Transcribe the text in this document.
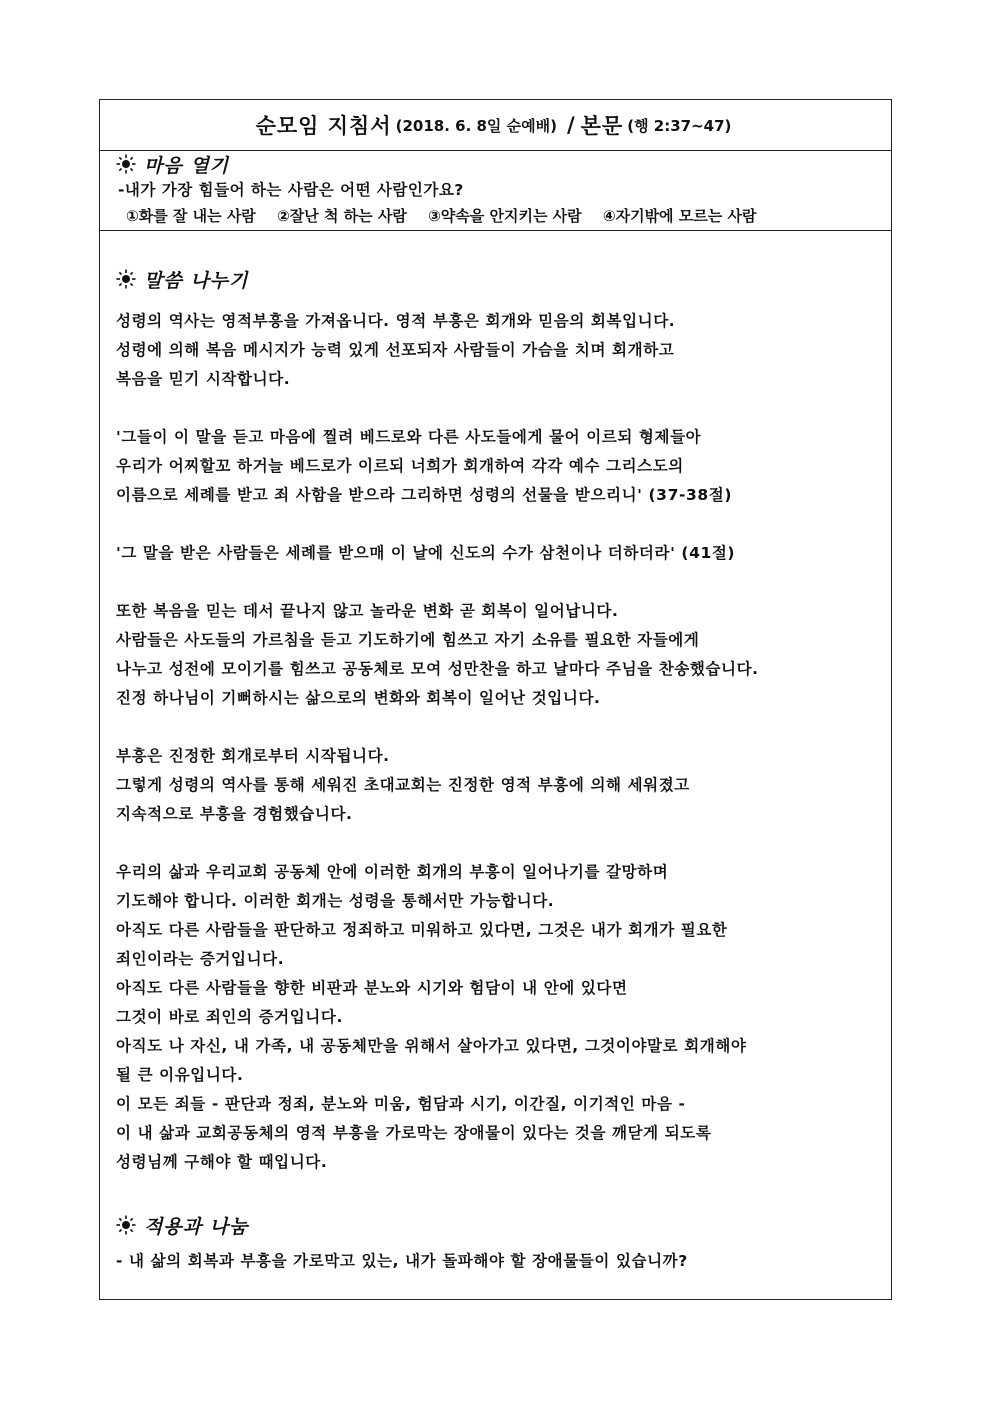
순모임 지침서 (2018. 6. 8일 순예배) / 본문 (행 2:37~47)
마음 열기
-내가 가장 힘들어 하는 사람은 어떤 사람인가요?
①화를 잘 내는 사람 ②잘난 척 하는 사람 ③약속을 안지키는 사람 ④자기밖에 모르는 사람
말씀 나누기
성령의 역사는 영적부흥을 가져옵니다. 영적 부흥은 회개와 믿음의 회복입니다.
성령에 의해 복음 메시지가 능력 있게 선포되자 사람들이 가슴을 치며 회개하고
복음을 믿기 시작합니다.
'그들이 이 말을 듣고 마음에 찔려 베드로와 다른 사도들에게 물어 이르되 형제들아
우리가 어찌할꼬 하거늘 베드로가 이르되 너희가 회개하여 각각 예수 그리스도의
이름으로 세례를 받고 죄 사함을 받으라 그리하면 성령의 선물을 받으리니' (37-38절)
'그 말을 받은 사람들은 세례를 받으매 이 날에 신도의 수가 삼천이나 더하더라' (41절)
또한 복음을 믿는 데서 끝나지 않고 놀라운 변화 곧 회복이 일어납니다.
사람들은 사도들의 가르침을 듣고 기도하기에 힘쓰고 자기 소유를 필요한 자들에게
나누고 성전에 모이기를 힘쓰고 공동체로 모여 성만찬을 하고 날마다 주님을 찬송했습니다.
진정 하나님이 기뻐하시는 삶으로의 변화와 회복이 일어난 것입니다.
부흥은 진정한 회개로부터 시작됩니다.
그렇게 성령의 역사를 통해 세워진 초대교회는 진정한 영적 부흥에 의해 세워졌고
지속적으로 부흥을 경험했습니다.
우리의 삶과 우리교회 공동체 안에 이러한 회개의 부흥이 일어나기를 갈망하며
기도해야 합니다. 이러한 회개는 성령을 통해서만 가능합니다.
아직도 다른 사람들을 판단하고 정죄하고 미워하고 있다면, 그것은 내가 회개가 필요한
죄인이라는 증거입니다.
아직도 다른 사람들을 향한 비판과 분노와 시기와 험담이 내 안에 있다면
그것이 바로 죄인의 증거입니다.
아직도 나 자신, 내 가족, 내 공동체만을 위해서 살아가고 있다면, 그것이야말로 회개해야
될 큰 이유입니다.
이 모든 죄들 - 판단과 정죄, 분노와 미움, 험담과 시기, 이간질, 이기적인 마음 -
이 내 삶과 교회공동체의 영적 부흥을 가로막는 장애물이 있다는 것을 깨닫게 되도록
성령님께 구해야 할 때입니다.
적용과 나눔
- 내 삶의 회복과 부흥을 가로막고 있는, 내가 돌파해야 할 장애물들이 있습니까?
